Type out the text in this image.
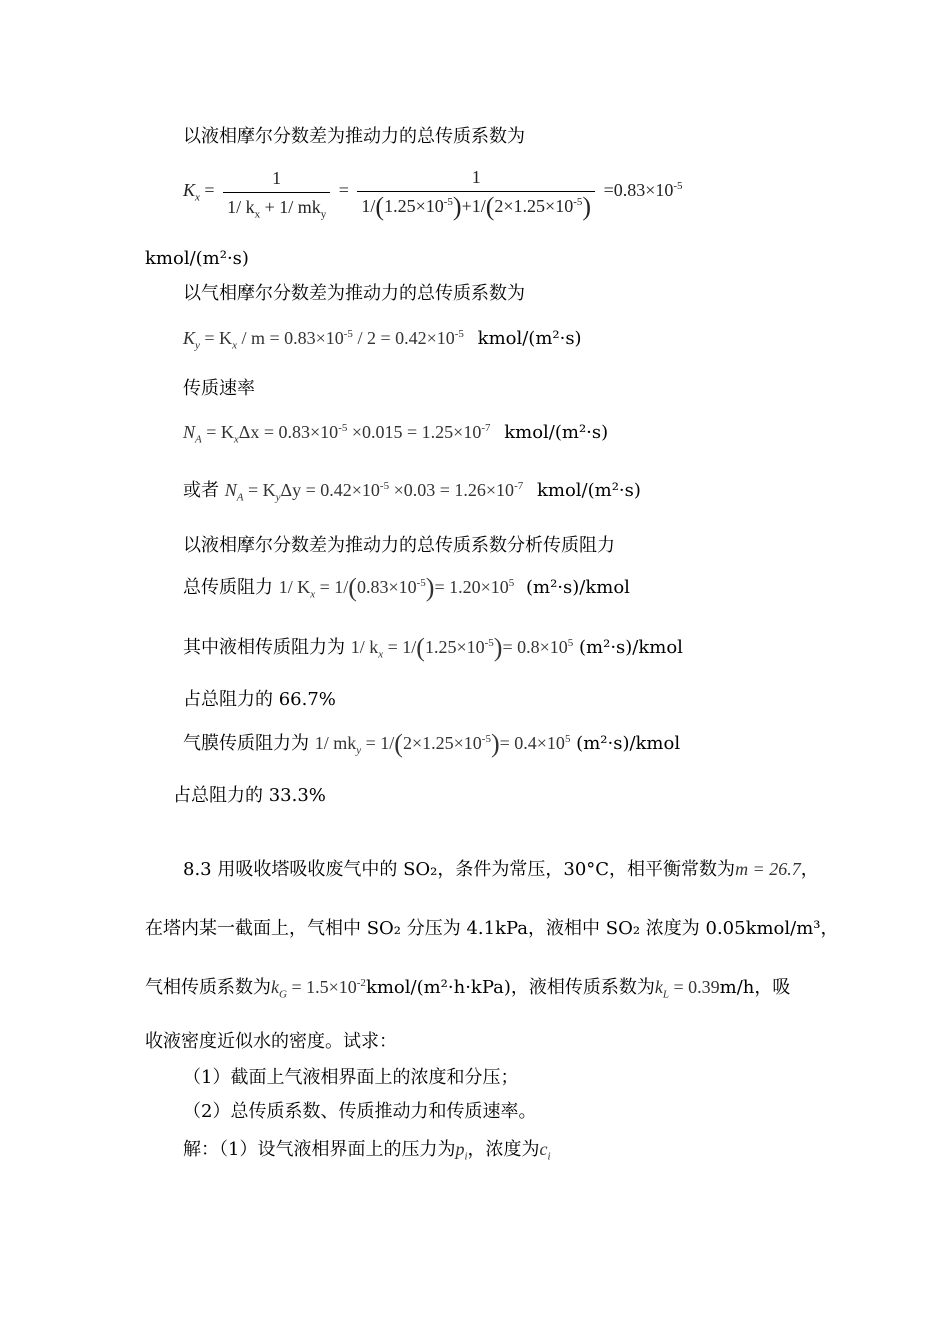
以液相摩尔分数差为推动力的总传质系数为
$K_x = \frac{1}{1/ k_x + 1/ mk_y} = \frac{1}{1/(1.25\times 10^{-5})+1/(2\times 1.25\times 10^{-5})} =0.83\times 10^{-5}$
kmol/(m²·s)
以气相摩尔分数差为推动力的总传质系数为
$K_y = K_x / m = 0.83\times 10^{-5} / 2 = 0.42\times 10^{-5}$ kmol/(m²·s)
传质速率
$N_A = K_x\Delta x = 0.83\times 10^{-5} \times 0.015 = 1.25\times 10^{-7}$ kmol/(m²·s)
或者 $N_A = K_y\Delta y = 0.42\times 10^{-5} \times 0.03 = 1.26\times 10^{-7}$ kmol/(m²·s)
以液相摩尔分数差为推动力的总传质系数分析传质阻力
总传质阻力 1/ $K_x = 1/(0.83\times 10^{-5})= 1.20\times 10^5$ (m²·s)/kmol
其中液相传质阻力为 1/ $k_x = 1/(1.25\times 10^{-5})= 0.8\times 10^5$ (m²·s)/kmol
占总阻力的 66.7%
气膜传质阻力为 1/ $mk_y = 1/(2\times 1.25\times 10^{-5})= 0.4\times 10^5$ (m²·s)/kmol
占总阻力的 33.3%
8.3 用吸收塔吸收废气中的 SO₂，条件为常压，30°C，相平衡常数为m = 26.7，
在塔内某一截面上，气相中 SO₂ 分压为 4.1kPa，液相中 SO₂ 浓度为 0.05kmol/m³，
气相传质系数为$k_G$ = $1.5\times 10^{-2}kmol/(m^2\cdot h\cdot kPa)$，液相传质系数为$k_L = 0.39m/h$，吸
收液密度近似水的密度。试求：
（1）截面上气液相界面上的浓度和分压；
（2）总传质系数、传质推动力和传质速率。
解：（1）设气液相界面上的压力为$p_i$，浓度为$c_i$
